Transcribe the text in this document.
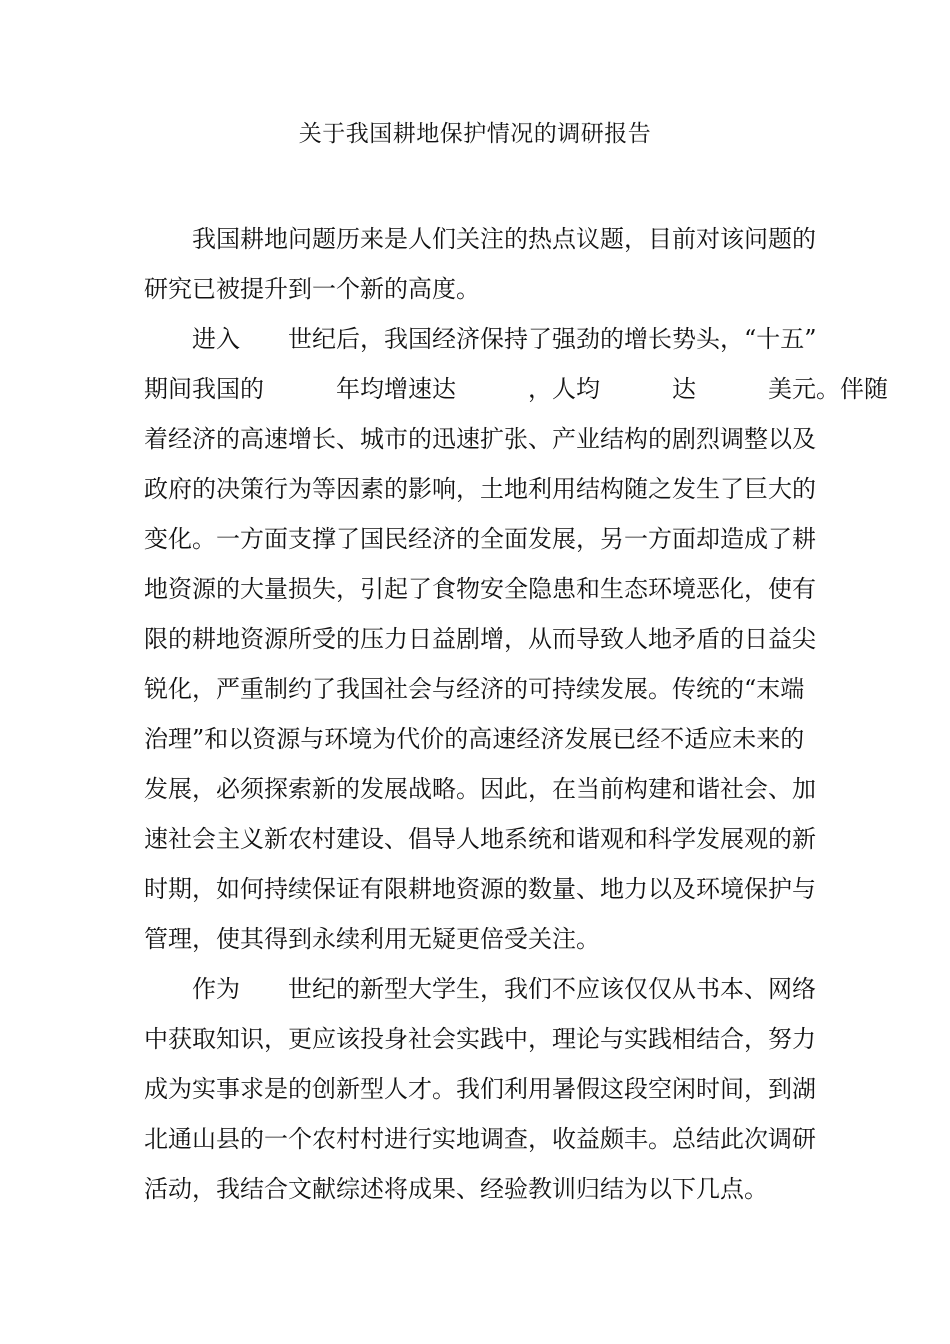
关于我国耕地保护情况的调研报告
我国耕地问题历来是人们关注的热点议题，目前对该问题的
研究已被提升到一个新的高度。
进入　　世纪后，我国经济保持了强劲的增长势头，“十五”
期间我国的　　　年均增速达　　　，人均　　　达　　　美元。伴随
着经济的高速增长、城市的迅速扩张、产业结构的剧烈调整以及
政府的决策行为等因素的影响，土地利用结构随之发生了巨大的
变化。一方面支撑了国民经济的全面发展，另一方面却造成了耕
地资源的大量损失，引起了食物安全隐患和生态环境恶化，使有
限的耕地资源所受的压力日益剧增，从而导致人地矛盾的日益尖
锐化，严重制约了我国社会与经济的可持续发展。传统的“末端
治理”和以资源与环境为代价的高速经济发展已经不适应未来的
发展，必须探索新的发展战略。因此，在当前构建和谐社会、加
速社会主义新农村建设、倡导人地系统和谐观和科学发展观的新
时期，如何持续保证有限耕地资源的数量、地力以及环境保护与
管理，使其得到永续利用无疑更倍受关注。
作为　　世纪的新型大学生，我们不应该仅仅从书本、网络
中获取知识，更应该投身社会实践中，理论与实践相结合，努力
成为实事求是的创新型人才。我们利用暑假这段空闲时间，到湖
北通山县的一个农村村进行实地调查，收益颇丰。总结此次调研
活动，我结合文献综述将成果、经验教训归结为以下几点。
